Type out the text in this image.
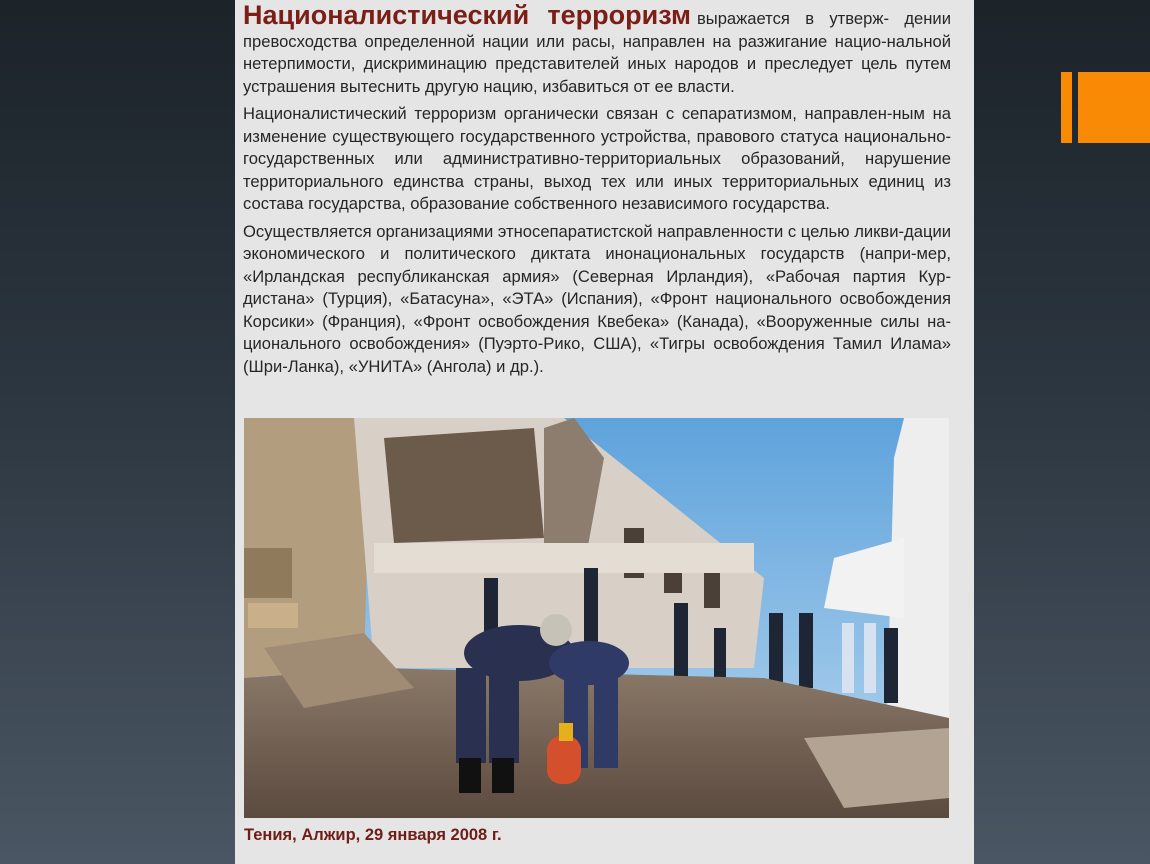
Националистический терроризм выражается в утверж- дении превосходства определенной нации или расы, направлен на разжигание нацио-нальной нетерпимости, дискриминацию представителей иных народов и преследует цель путем устрашения вытеснить другую нацию, избавиться от ее власти.

Националистический терроризм органически связан с сепаратизмом, направлен-ным на изменение существующего государственного устройства, правового статуса национально-государственных или административно-территориальных образований, нарушение территориального единства страны, выход тех или иных территориальных единиц из состава государства, образование собственного независимого государства.

Осуществляется организациями этносепаратистской направленности с целью ликви-дации экономического и политического диктата инонациональных государств (напри-мер, «Ирландская республиканская армия» (Северная Ирландия), «Рабочая партия Кур-дистана» (Турция), «Батасуна», «ЭТА» (Испания), «Фронт национального освобождения Корсики» (Франция), «Фронт освобождения Квебека» (Канада), «Вооруженные силы на-ционального освобождения» (Пуэрто-Рико, США), «Тигры освобождения Тамил Илама» (Шри-Ланка), «УНИТА» (Ангола) и др.).

Тения, Алжир, 29 января 2008 г.
